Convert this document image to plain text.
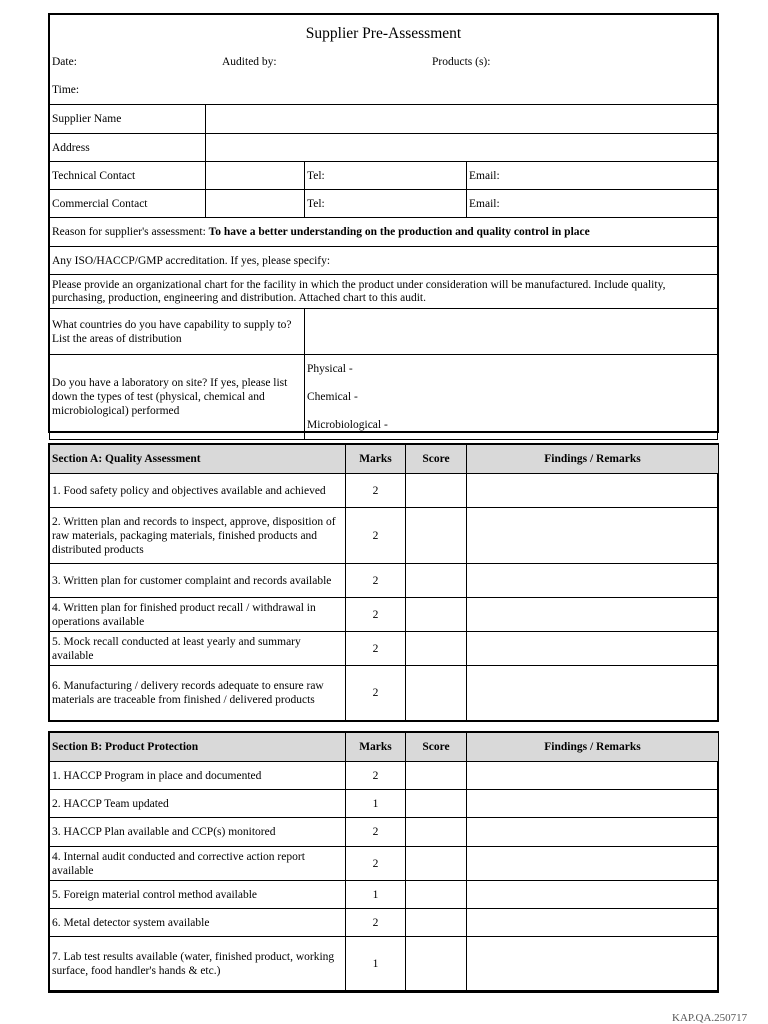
Supplier Pre-Assessment
Date:	Audited by:	Products (s):
Time:
Supplier Name			
Address			
Technical Contact		Tel:	Email:
Commercial Contact		Tel:	Email:
Reason for supplier's assessment: To have a better understanding on the production and quality control in place			
Any ISO/HACCP/GMP accreditation. If yes, please specify:			
Please provide an organizational chart for the facility in which the product under consideration will be manufactured. Include quality, purchasing, production, engineering and distribution. Attached chart to this audit.			
What countries do you have capability to supply to? List the areas of distribution			
Do you have a laboratory on site? If yes, please list down the types of test (physical, chemical and microbiological) performed		Physical -
Chemical -
Microbiological -	
Section A: Quality Assessment	Marks	Score	Findings / Remarks
1. Food safety policy and objectives available and achieved	2		
2. Written plan and records to inspect, approve, disposition of raw materials, packaging materials, finished products and distributed products	2		
3. Written plan for customer complaint and records available	2		
4. Written plan for finished product recall / withdrawal in operations available	2		
5. Mock recall conducted at least yearly and summary available	2		
6. Manufacturing / delivery records adequate to ensure raw materials are traceable from finished / delivered products	2		
Section B: Product Protection	Marks	Score	Findings / Remarks
1. HACCP Program in place and documented	2		
2. HACCP Team updated	1		
3. HACCP Plan available and CCP(s) monitored	2		
4. Internal audit conducted and corrective action report available	2		
5. Foreign material control method available	1		
6. Metal detector system available	2		
7. Lab test results available (water, finished product, working surface, food handler's hands & etc.)	1		
KAP.QA.250717
